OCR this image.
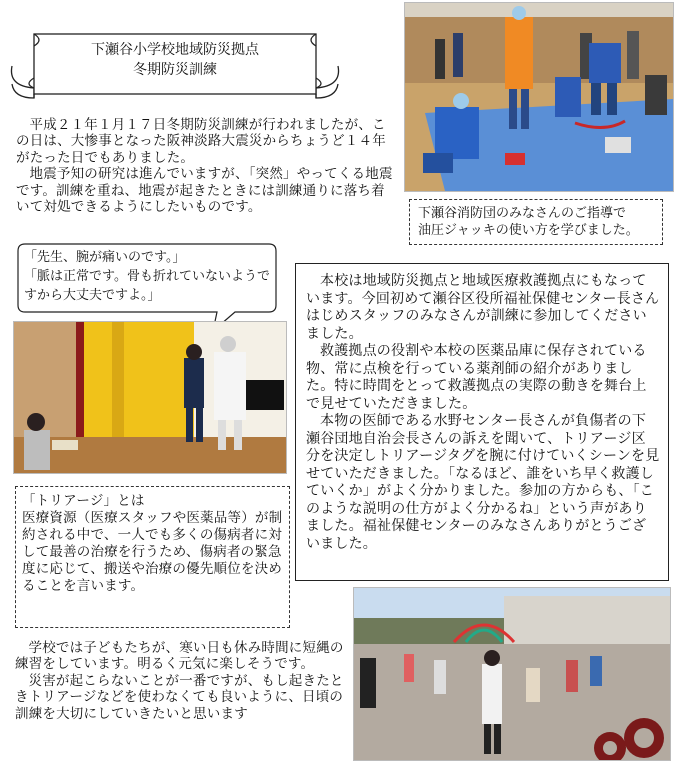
下瀬谷小学校地域防災拠点
冬期防災訓練

平成２１年１月１７日冬期防災訓練が行われましたが、この日は、大惨事となった阪神淡路大震災からちょうど１４年がたった日でもありました。

地震予知の研究は進んでいますが、「突然」やってくる地震です。訓練を重ね、地震が起きたときには訓練通りに落ち着いて対処できるようにしたいものです。	下瀬谷消防団のみなさんのご指導で
油圧ジャッキの使い方を学びました。
「先生、腕が痛いのです。」
「脈は正常です。骨も折れていないようですから大丈夫ですよ。」

本校は地域防災拠点と地域医療救護拠点にもなっています。今回初めて瀬谷区役所福祉保健センター長さんはじめスタッフのみなさんが訓練に参加してくださいました。

救護拠点の役割や本校の医薬品庫に保存されている物、常に点検を行っている薬剤師の紹介がありました。特に時間をとって救護拠点の実際の動きを舞台上で見せていただきました。

本物の医師である水野センター長さんが負傷者の下瀬谷団地自治会長さんの訴えを聞いて、トリアージ区分を決定しトリアージタグを腕に付けていくシーンを見せていただきました。「なるほど、誰をいち早く救護していくか」がよく分かりました。参加の方からも、「このような説明の仕方がよく分かるね」という声がありました。福祉保健センターのみなさんありがとうございました。

「トリアージ」とは
医療資源（医療スタッフや医薬品等）が制約される中で、一人でも多くの傷病者に対して最善の治療を行うため、傷病者の緊急度に応じて、搬送や治療の優先順位を決めることを言います。

学校では子どもたちが、寒い日も休み時間に短縄の練習をしています。明るく元気に楽しそうです。

災害が起こらないことが一番ですが、もし起きたときトリアージなどを使わなくても良いように、日頃の訓練を大切にしていきたいと思います
